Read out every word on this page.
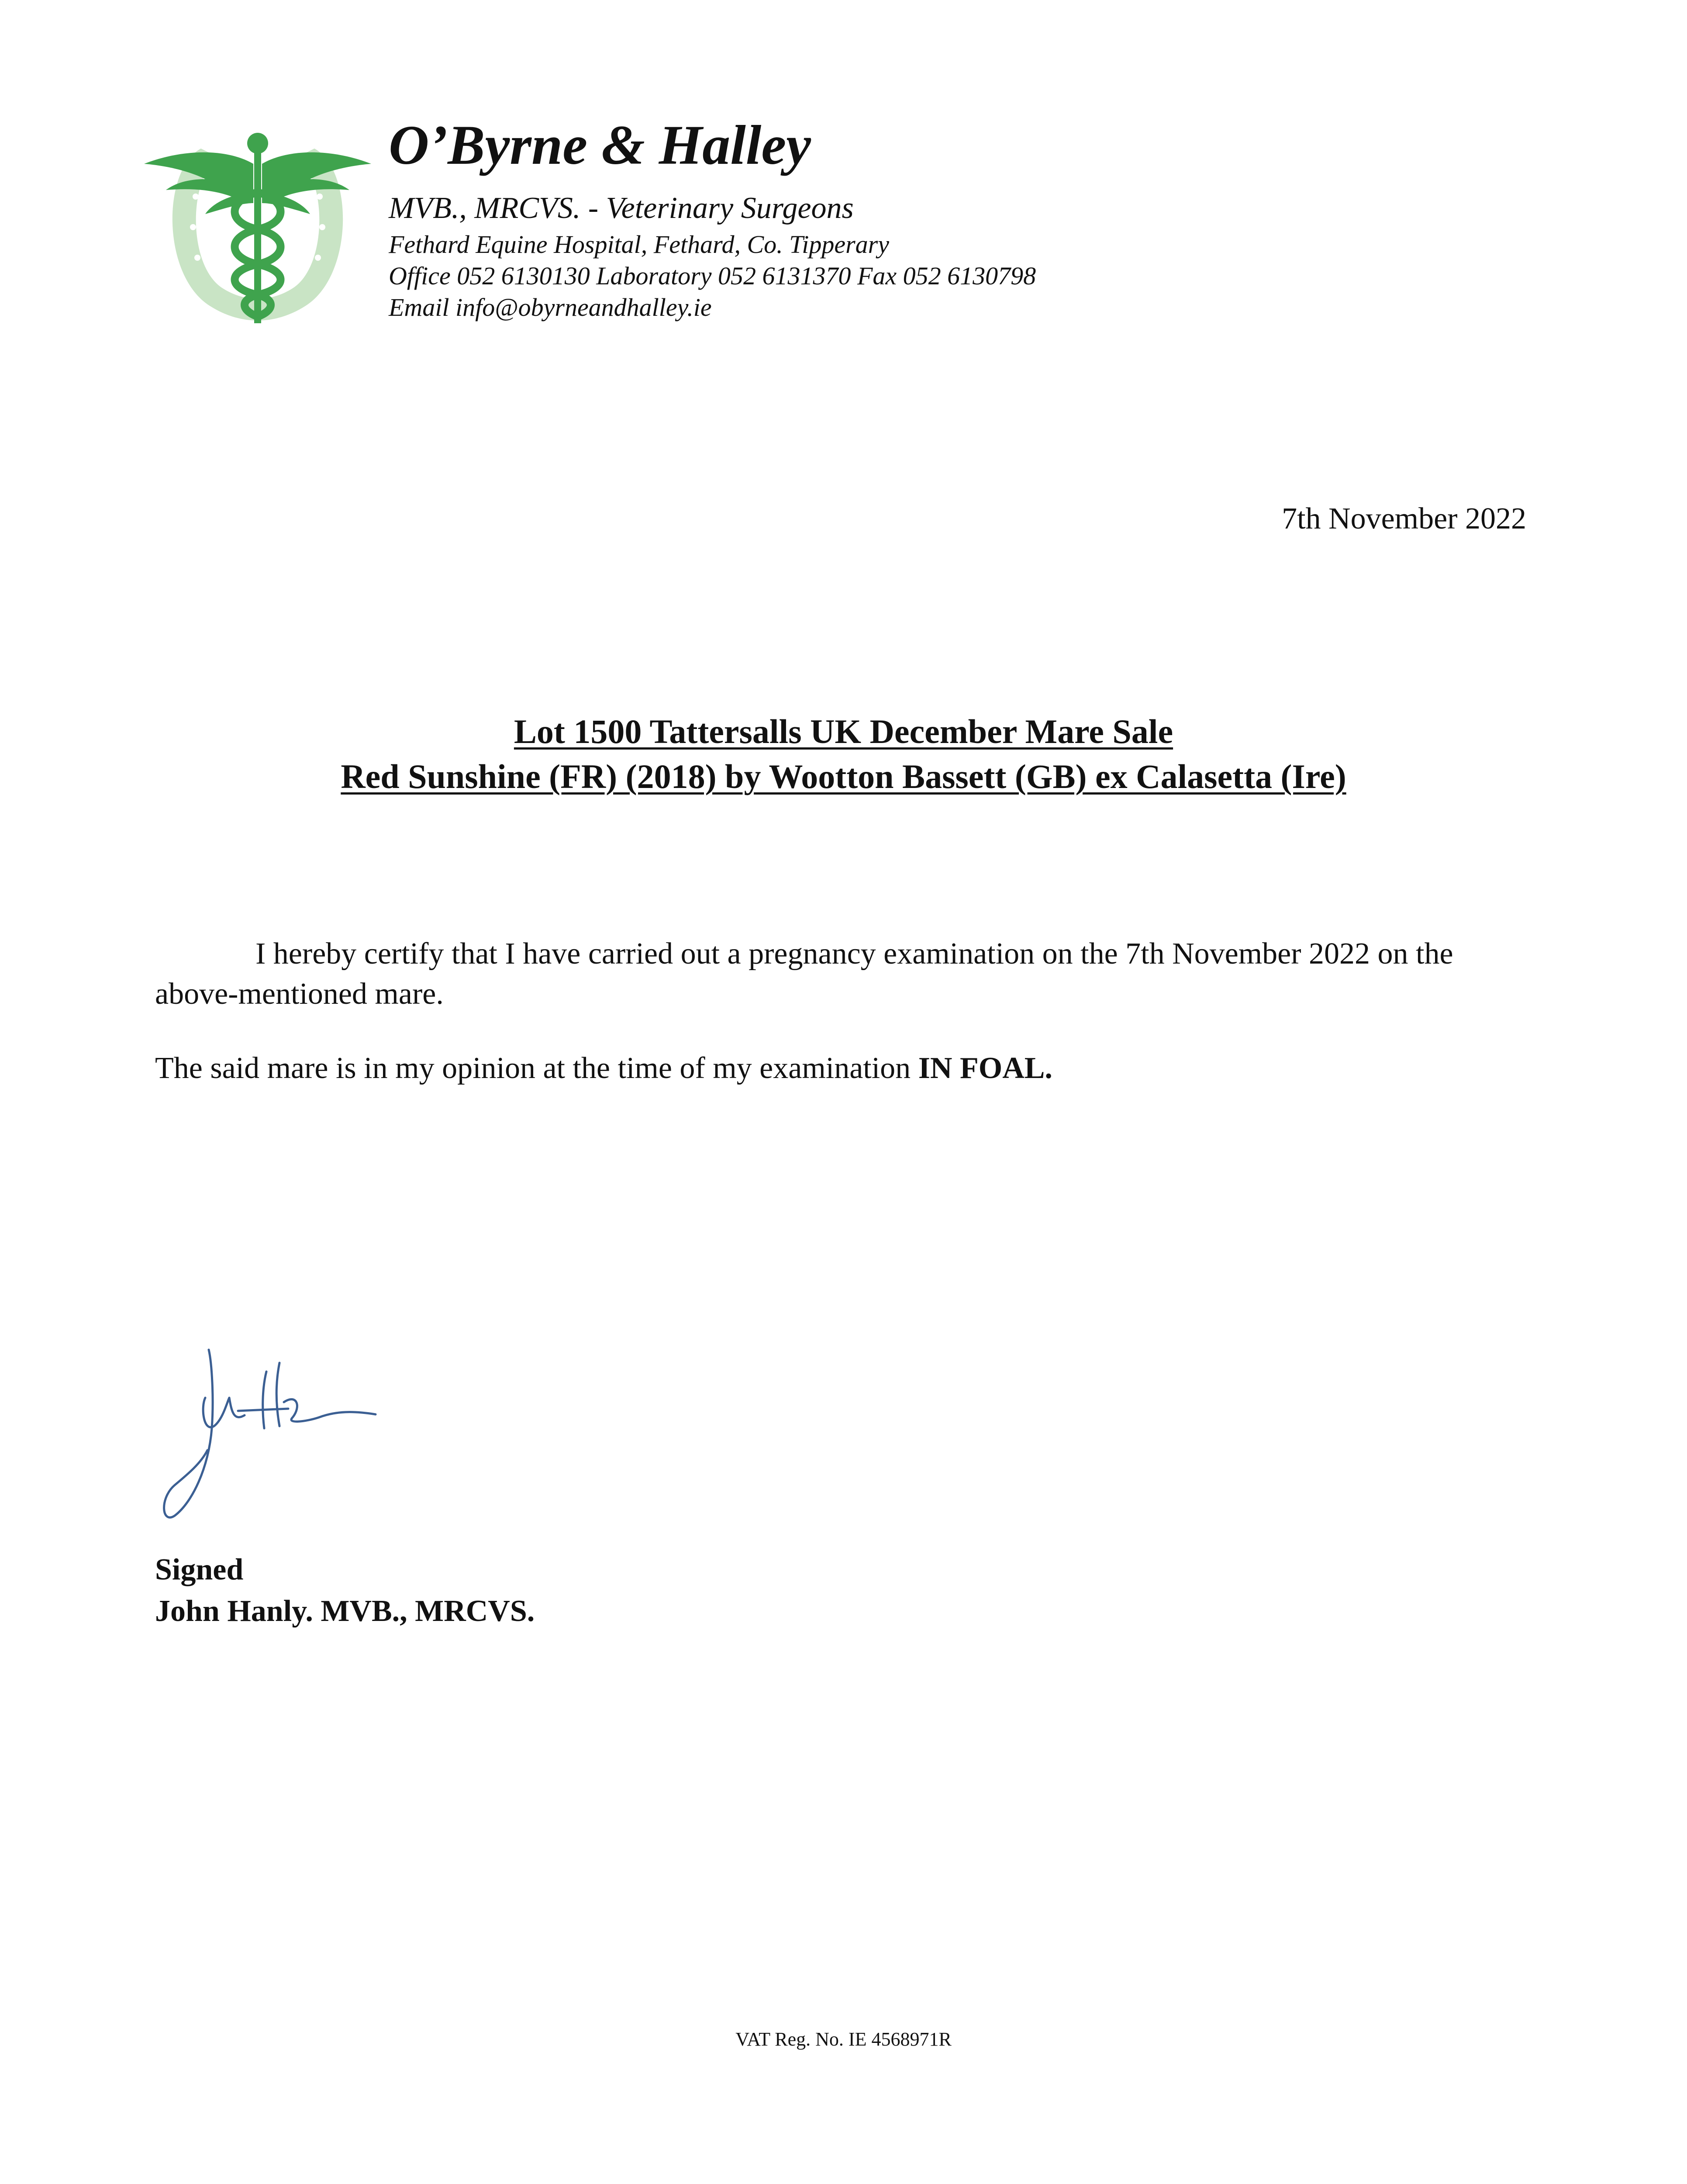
O’Byrne & Halley
MVB., MRCVS. - Veterinary Surgeons
Fethard Equine Hospital, Fethard, Co. Tipperary
Office 052 6130130 Laboratory 052 6131370 Fax 052 6130798
Email info@obyrneandhalley.ie
7th November 2022
Lot 1500 Tattersalls UK December Mare Sale
Red Sunshine (FR) (2018) by Wootton Bassett (GB) ex Calasetta (Ire)
I hereby certify that I have carried out a pregnancy examination on the 7th November 2022 on the above-mentioned mare.
The said mare is in my opinion at the time of my examination IN FOAL.
Signed
John Hanly. MVB., MRCVS.
VAT Reg. No. IE 4568971R
